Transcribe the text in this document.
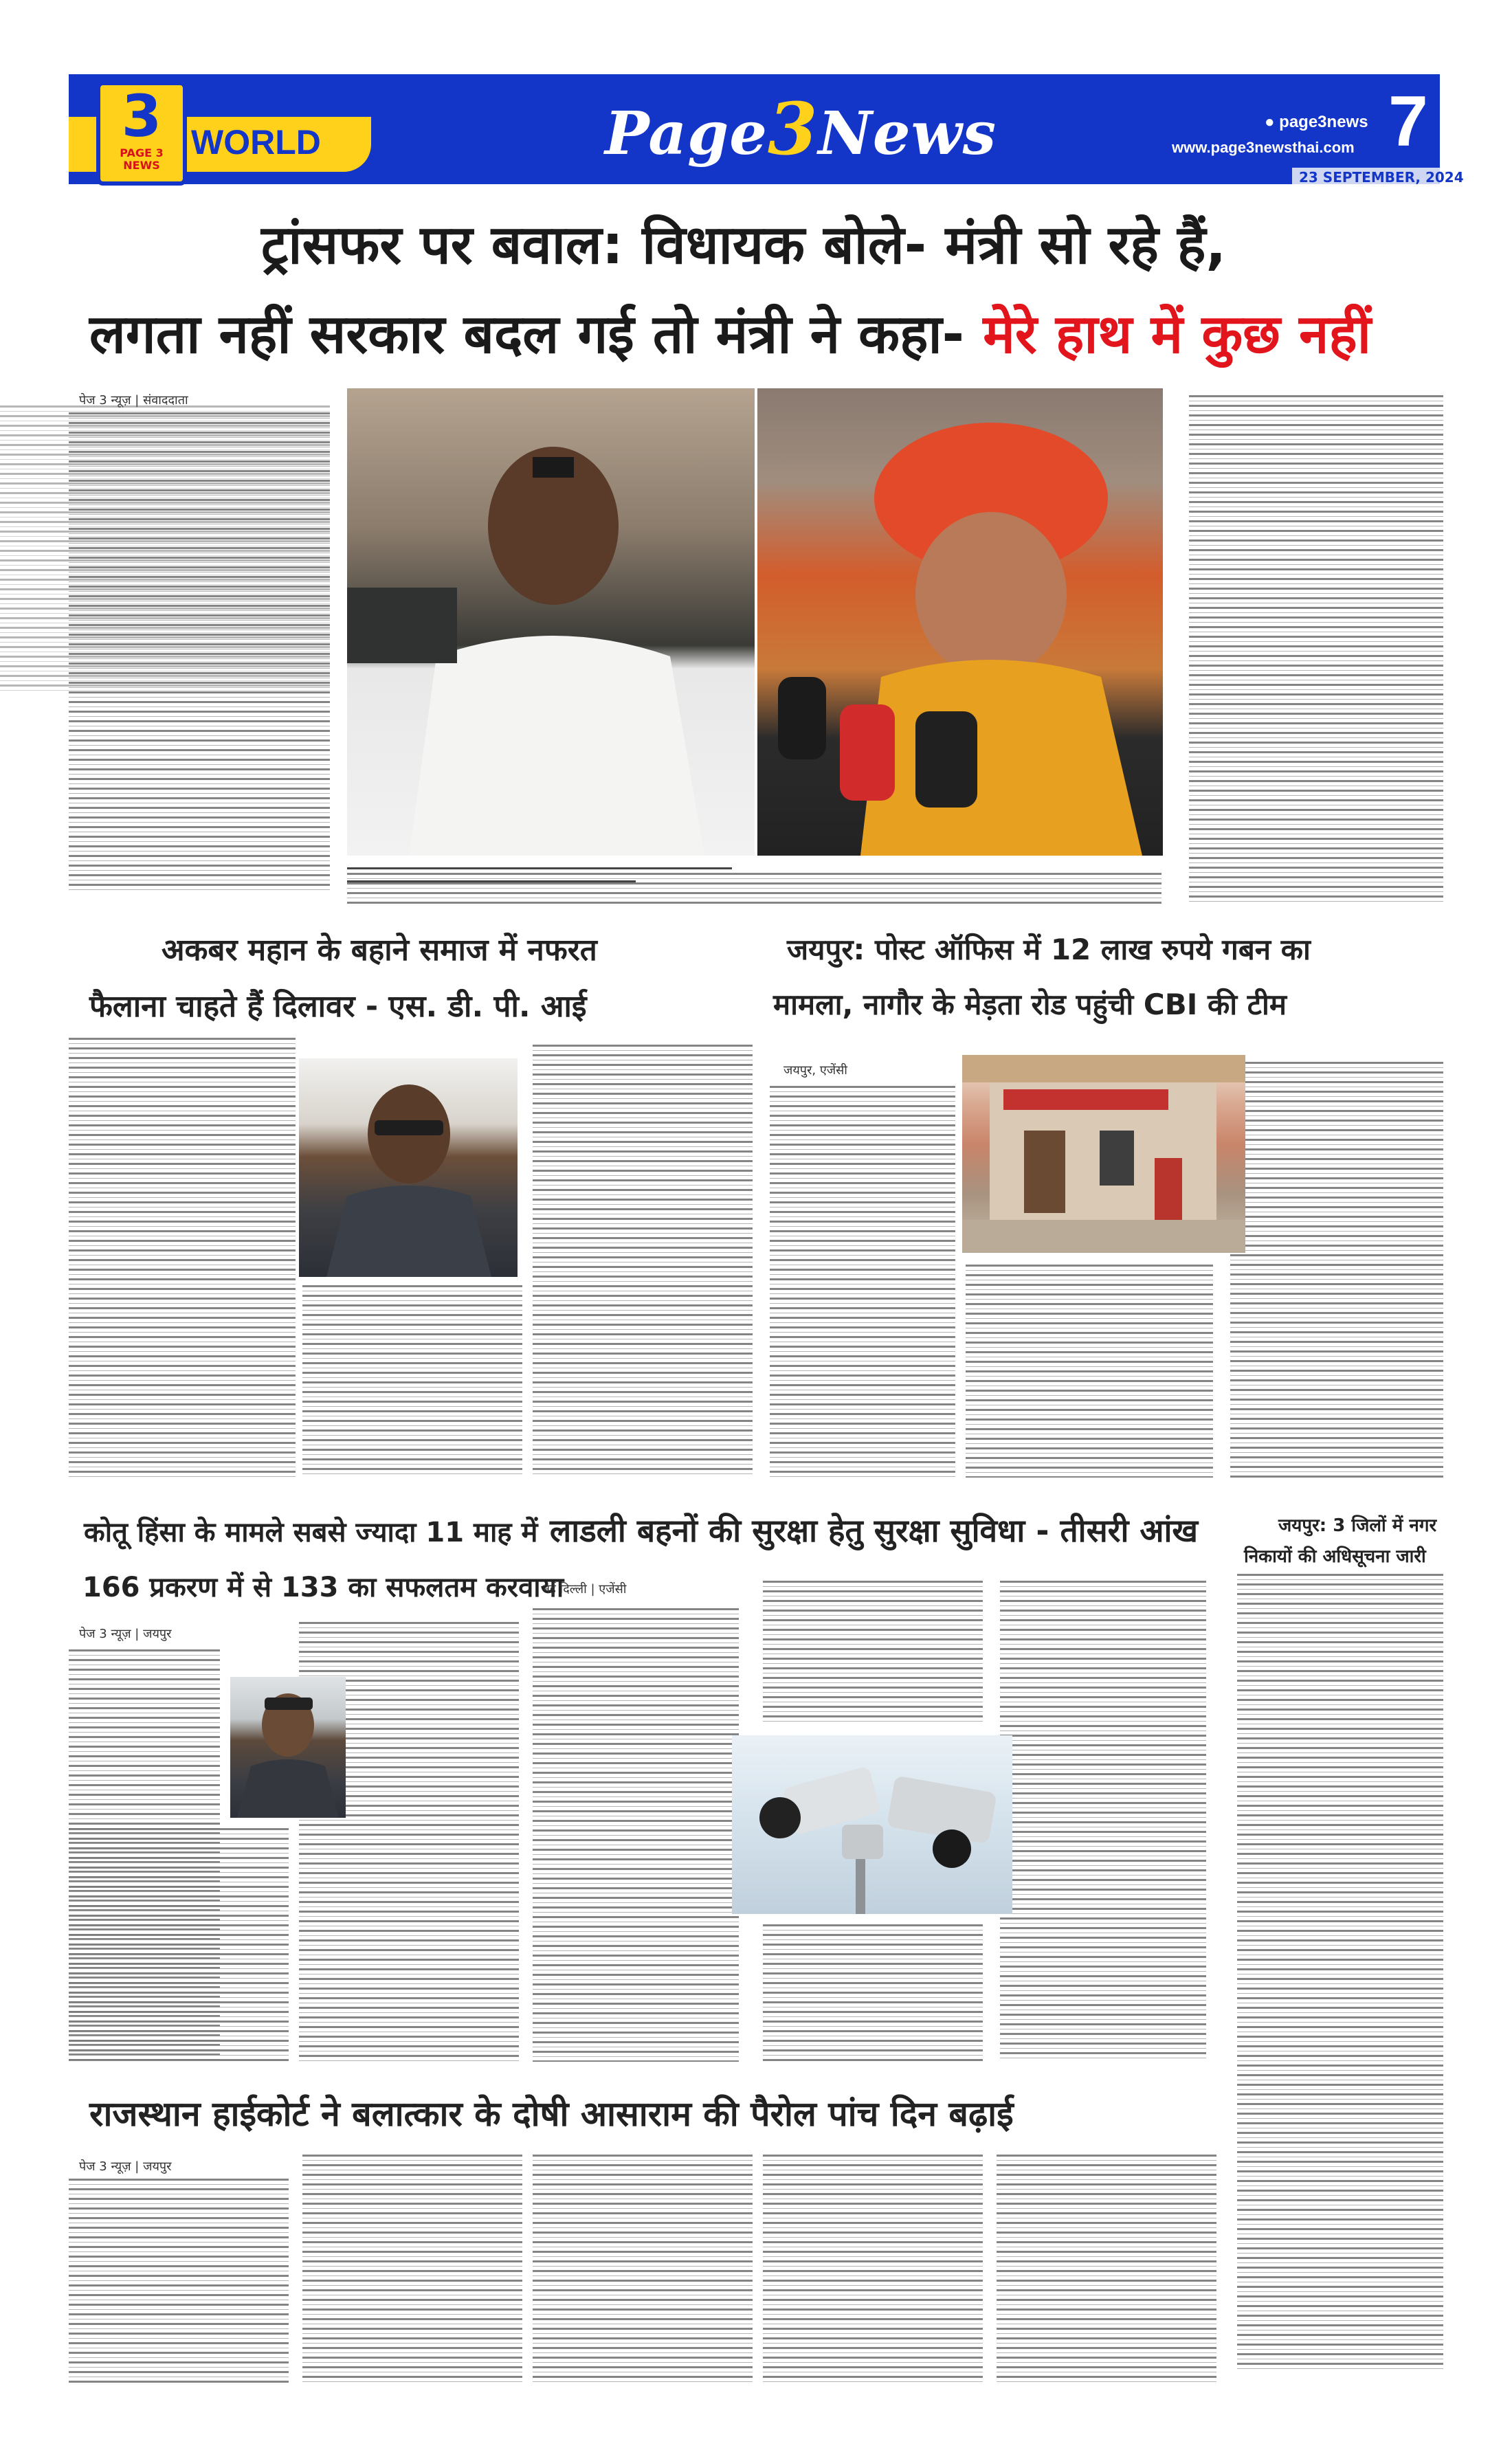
3
PAGE 3 NEWS
WORLD	Page3News	● page3news
www.page3newsthai.com 7
23 SEPTEMBER, 2024
ट्रांसफर पर बवाल: विधायक बोले- मंत्री सो रहे हैं,
लगता नहीं सरकार बदल गई तो मंत्री ने कहा- मेरे हाथ में कुछ नहीं
पेज 3 न्यूज़ | संवाददाता
अकबर महान के बहाने समाज में नफरत
फैलाना चाहते हैं दिलावर - एस. डी. पी. आई
जयपुर: पोस्ट ऑफिस में 12 लाख रुपये गबन का
मामला, नागौर के मेड़ता रोड पहुंची CBI की टीम
जयपुर, एजेंसी
कोतू हिंसा के मामले सबसे ज्यादा 11 माह में
166 प्रकरण में से 133 का सफलतम करवाया
पेज 3 न्यूज़ | जयपुर
लाडली बहनों की सुरक्षा हेतु सुरक्षा सुविधा - तीसरी आंख
नई दिल्ली | एजेंसी
जयपुर: 3 जिलों में नगर
निकायों की अधिसूचना जारी
राजस्थान हाईकोर्ट ने बलात्कार के दोषी आसाराम की पैरोल पांच दिन बढ़ाई
पेज 3 न्यूज़ | जयपुर
